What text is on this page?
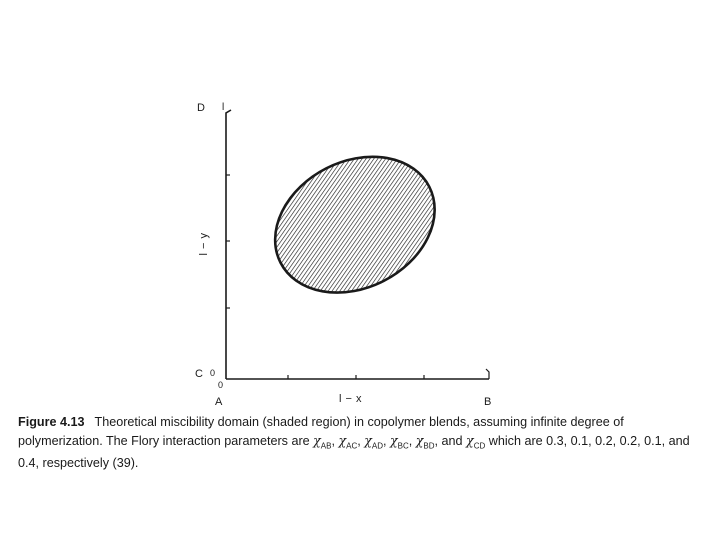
D
C 0
0
A	B
l − x
l − y
l
Figure 4.13 Theoretical miscibility domain (shaded region) in copolymer blends, assuming infinite degree of polymerization. The Flory interaction parameters are $\chi_{AB}$, $\chi_{AC}$, $\chi_{AD}$, $\chi_{BC}$, $\chi_{BD}$, and $\chi_{CD}$ which are 0.3, 0.1, 0.2, 0.2, 0.1, and 0.4, respectively (39).
